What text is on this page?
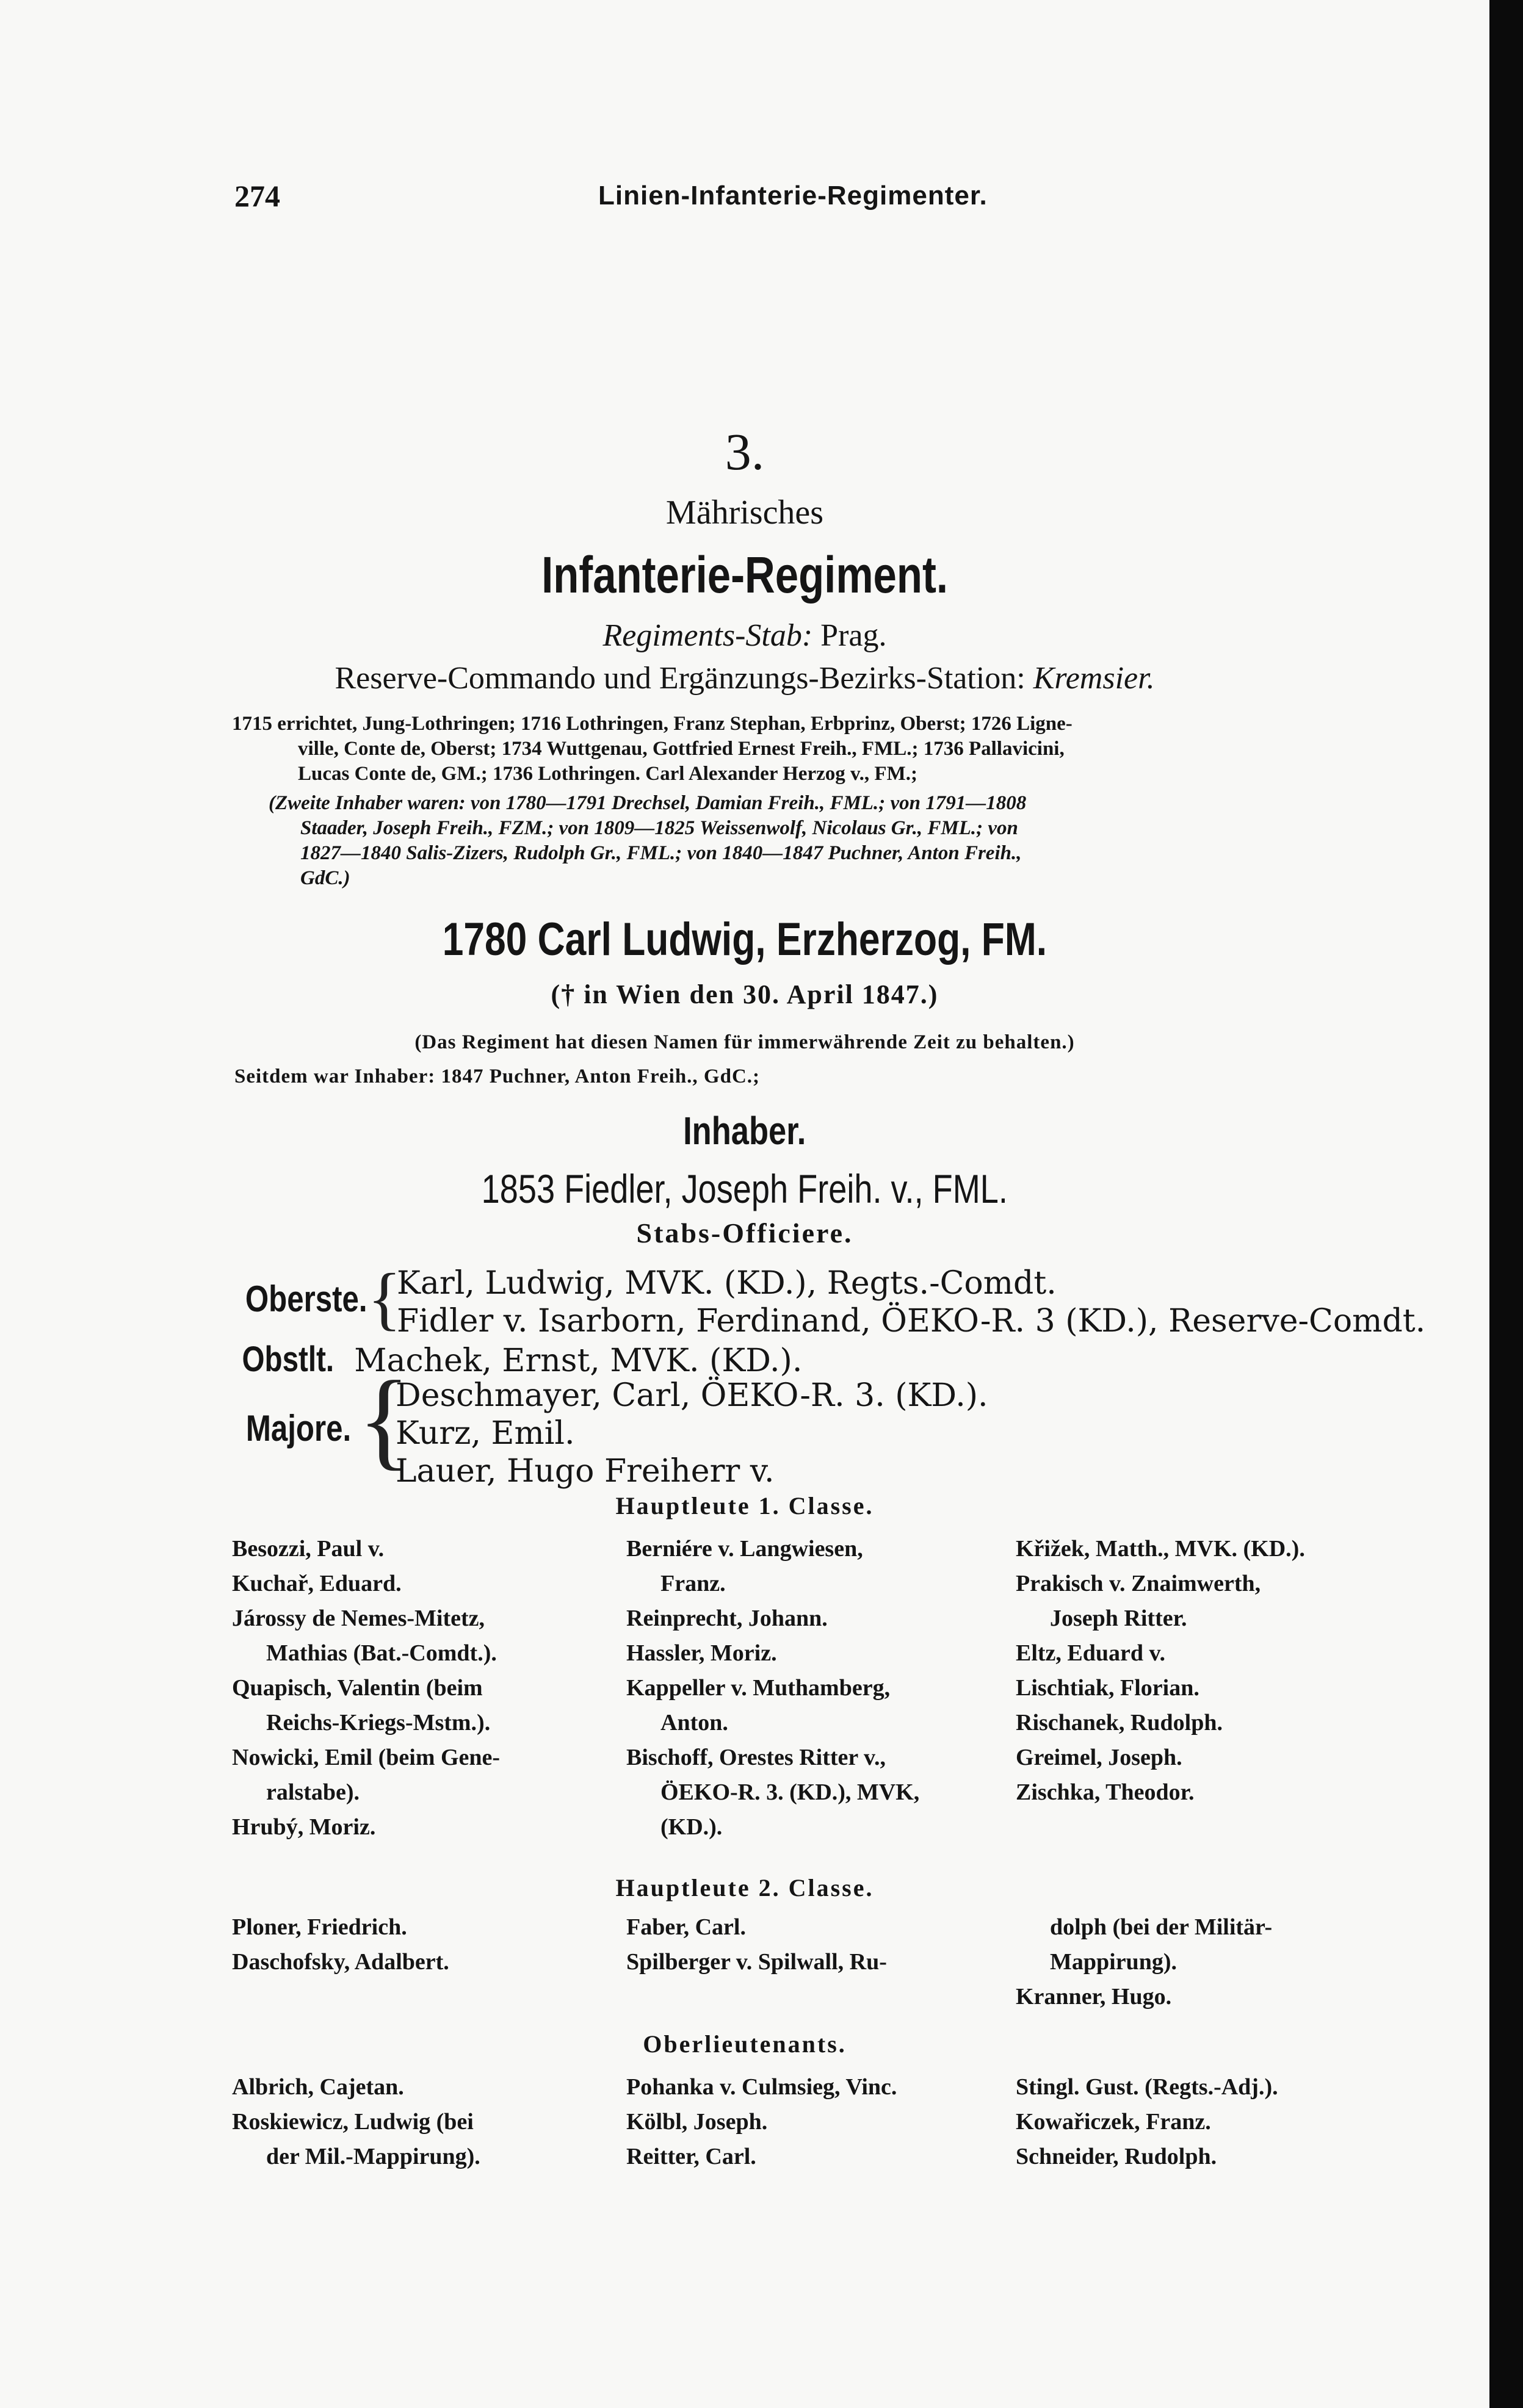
274	Linien-Infanterie-Regimenter.
3.
Mährisches
Infanterie-Regiment.
Regiments-Stab: Prag.
Reserve-Commando und Ergänzungs-Bezirks-Station: Kremsier.
1715 errichtet, Jung-Lothringen; 1716 Lothringen, Franz Stephan, Erbprinz, Oberst; 1726 Ligne-
ville, Conte de, Oberst; 1734 Wuttgenau, Gottfried Ernest Freih., FML.; 1736 Pallavicini,
Lucas Conte de, GM.; 1736 Lothringen. Carl Alexander Herzog v., FM.;
(Zweite Inhaber waren: von 1780—1791 Drechsel, Damian Freih., FML.; von 1791—1808
Staader, Joseph Freih., FZM.; von 1809—1825 Weissenwolf, Nicolaus Gr., FML.; von
1827—1840 Salis-Zizers, Rudolph Gr., FML.; von 1840—1847 Puchner, Anton Freih.,
GdC.)
1780 Carl Ludwig, Erzherzog, FM.
(† in Wien den 30. April 1847.)
(Das Regiment hat diesen Namen für immerwährende Zeit zu behalten.)
Seitdem war Inhaber: 1847 Puchner, Anton Freih., GdC.;
Inhaber.
1853 Fiedler, Joseph Freih. v., FML.
Stabs-Officiere.
Oberste. {
Karl, Ludwig, MVK. (KD.), Regts.-Comdt.
Fidler v. Isarborn, Ferdinand, ÖEKO-R. 3 (KD.), Reserve-Comdt.
Obstlt. Machek, Ernst, MVK. (KD.).
Majore. {
Deschmayer, Carl, ÖEKO-R. 3. (KD.).
Kurz, Emil.
Lauer, Hugo Freiherr v.
Hauptleute 1. Classe.
Besozzi, Paul v.
Kuchař, Eduard.
Járossy de Nemes-Mitetz,
Mathias (Bat.-Comdt.).
Quapisch, Valentin (beim
Reichs-Kriegs-Mstm.).
Nowicki, Emil (beim Gene-
ralstabe).
Hrubý, Moriz.
Berniére v. Langwiesen,
Franz.
Reinprecht, Johann.
Hassler, Moriz.
Kappeller v. Muthamberg,
Anton.
Bischoff, Orestes Ritter v.,
ÖEKO-R. 3. (KD.), MVK,
(KD.).
Křižek, Matth., MVK. (KD.).
Prakisch v. Znaimwerth,
Joseph Ritter.
Eltz, Eduard v.
Lischtiak, Florian.
Rischanek, Rudolph.
Greimel, Joseph.
Zischka, Theodor.
Hauptleute 2. Classe.
Ploner, Friedrich.
Daschofsky, Adalbert.
Faber, Carl.
Spilberger v. Spilwall, Ru-
dolph (bei der Militär-
Mappirung).
Kranner, Hugo.
Oberlieutenants.
Albrich, Cajetan.
Roskiewicz, Ludwig (bei
der Mil.-Mappirung).
Pohanka v. Culmsieg, Vinc.
Kölbl, Joseph.
Reitter, Carl.
Stingl. Gust. (Regts.-Adj.).
Kowařiczek, Franz.
Schneider, Rudolph.
